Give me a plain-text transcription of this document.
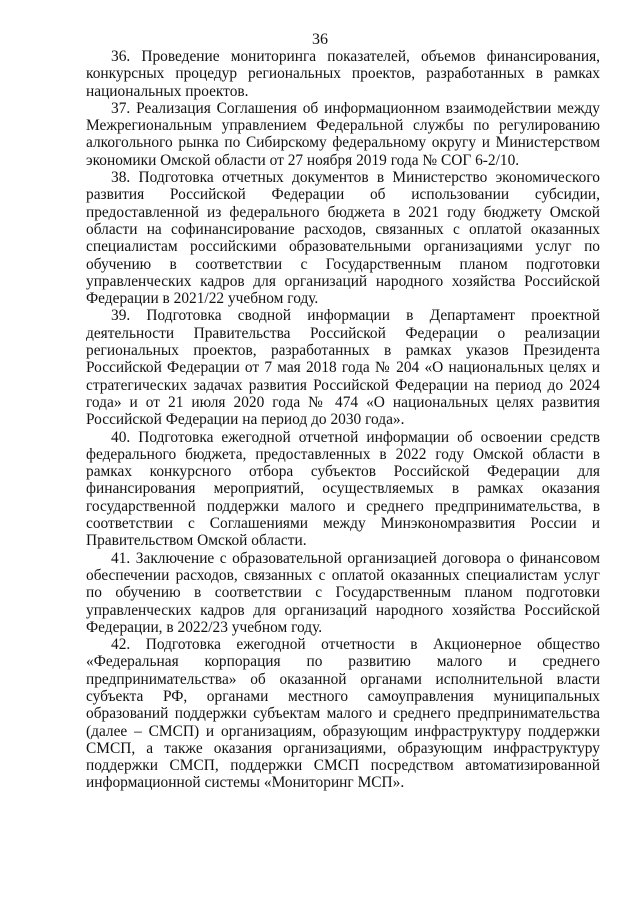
36

36. Проведение мониторинга показателей, объемов финансирования, конкурсных процедур региональных проектов, разработанных в рамках национальных проектов.

37. Реализация Соглашения об информационном взаимодействии между Межрегиональным управлением Федеральной службы по регулированию алкогольного рынка по Сибирскому федеральному округу и Министерством экономики Омской области от 27 ноября 2019 года № СОГ 6-2/10.

38. Подготовка отчетных документов в Министерство экономического развития Российской Федерации об использовании субсидии, предоставленной из федерального бюджета в 2021 году бюджету Омской области на софинансирование расходов, связанных с оплатой оказанных специалистам российскими образовательными организациями услуг по обучению в соответствии с Государственным планом подготовки управленческих кадров для организаций народного хозяйства Российской Федерации в 2021/22 учебном году.

39. Подготовка сводной информации в Департамент проектной деятельности Правительства Российской Федерации о реализации региональных проектов, разработанных в рамках указов Президента Российской Федерации от 7 мая 2018 года № 204 «О национальных целях и стратегических задачах развития Российской Федерации на период до 2024 года» и от 21 июля 2020 года № 474 «О национальных целях развития Российской Федерации на период до 2030 года».

40. Подготовка ежегодной отчетной информации об освоении средств федерального бюджета, предоставленных в 2022 году Омской области в рамках конкурсного отбора субъектов Российской Федерации для финансирования мероприятий, осуществляемых в рамках оказания государственной поддержки малого и среднего предпринимательства, в соответствии с Соглашениями между Минэкономразвития России и Правительством Омской области.

41. Заключение с образовательной организацией договора о финансовом обеспечении расходов, связанных с оплатой оказанных специалистам услуг по обучению в соответствии с Государственным планом подготовки управленческих кадров для организаций народного хозяйства Российской Федерации, в 2022/23 учебном году.

42. Подготовка ежегодной отчетности в Акционерное общество «Федеральная корпорация по развитию малого и среднего предпринимательства» об оказанной органами исполнительной власти субъекта РФ, органами местного самоуправления муниципальных образований поддержки субъектам малого и среднего предпринимательства (далее – СМСП) и организациям, образующим инфраструктуру поддержки СМСП, а также оказания организациями, образующим инфраструктуру поддержки СМСП, поддержки СМСП посредством автоматизированной информационной системы «Мониторинг МСП».
